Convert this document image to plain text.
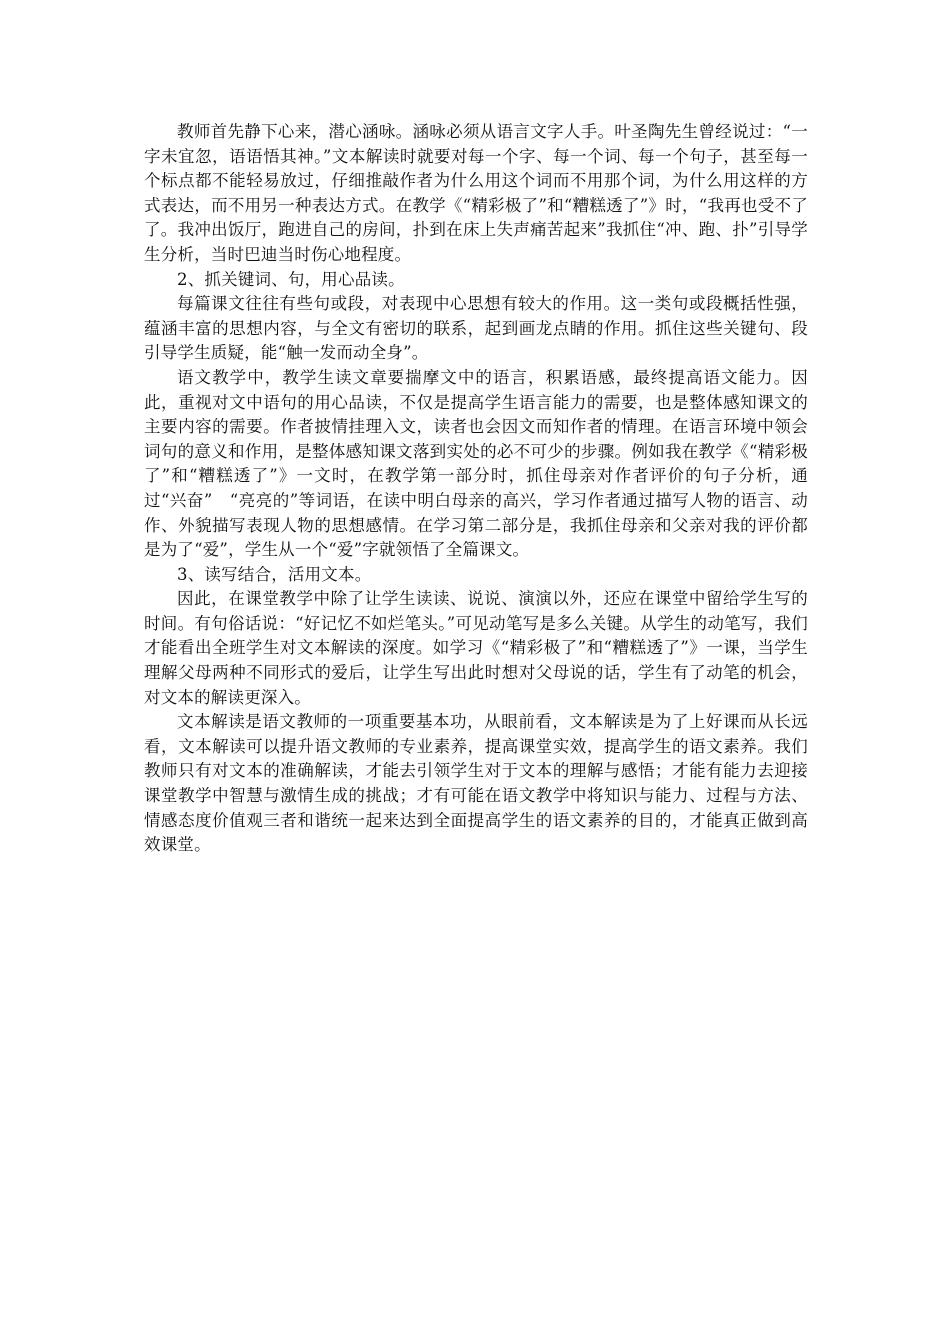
教师首先静下心来，潜心涵咏。涵咏必须从语言文字人手。叶圣陶先生曾经说过：“一字未宜忽，语语悟其神。”文本解读时就要对每一个字、每一个词、每一个句子，甚至每一个标点都不能轻易放过，仔细推敲作者为什么用这个词而不用那个词，为什么用这样的方式表达，而不用另一种表达方式。在教学《“精彩极了”和“糟糕透了”》时，“我再也受不了了。我冲出饭厅，跑进自己的房间，扑到在床上失声痛苦起来”我抓住“冲、跑、扑”引导学生分析，当时巴迪当时伤心地程度。

2、抓关键词、句，用心品读。

每篇课文往往有些句或段，对表现中心思想有较大的作用。这一类句或段概括性强，蕴涵丰富的思想内容，与全文有密切的联系，起到画龙点睛的作用。抓住这些关键句、段引导学生质疑，能“触一发而动全身”。

语文教学中，教学生读文章要揣摩文中的语言，积累语感，最终提高语文能力。因此，重视对文中语句的用心品读，不仅是提高学生语言能力的需要，也是整体感知课文的主要内容的需要。作者披情挂理入文，读者也会因文而知作者的情理。在语言环境中领会词句的意义和作用，是整体感知课文落到实处的必不可少的步骤。例如我在教学《“精彩极了”和“糟糕透了”》一文时，在教学第一部分时，抓住母亲对作者评价的句子分析，通过“兴奋”　“亮亮的”等词语，在读中明白母亲的高兴，学习作者通过描写人物的语言、动作、外貌描写表现人物的思想感情。在学习第二部分是，我抓住母亲和父亲对我的评价都是为了“爱”，学生从一个“爱”字就领悟了全篇课文。

3、读写结合，活用文本。

因此，在课堂教学中除了让学生读读、说说、演演以外，还应在课堂中留给学生写的时间。有句俗话说：“好记忆不如烂笔头。”可见动笔写是多么关键。从学生的动笔写，我们才能看出全班学生对文本解读的深度。如学习《“精彩极了”和“糟糕透了”》一课，当学生理解父母两种不同形式的爱后，让学生写出此时想对父母说的话，学生有了动笔的机会，对文本的解读更深入。

文本解读是语文教师的一项重要基本功，从眼前看，文本解读是为了上好课而从长远看，文本解读可以提升语文教师的专业素养，提高课堂实效，提高学生的语文素养。我们教师只有对文本的准确解读，才能去引领学生对于文本的理解与感悟；才能有能力去迎接课堂教学中智慧与激情生成的挑战；才有可能在语文教学中将知识与能力、过程与方法、情感态度价值观三者和谐统一起来达到全面提高学生的语文素养的目的，才能真正做到高效课堂。
